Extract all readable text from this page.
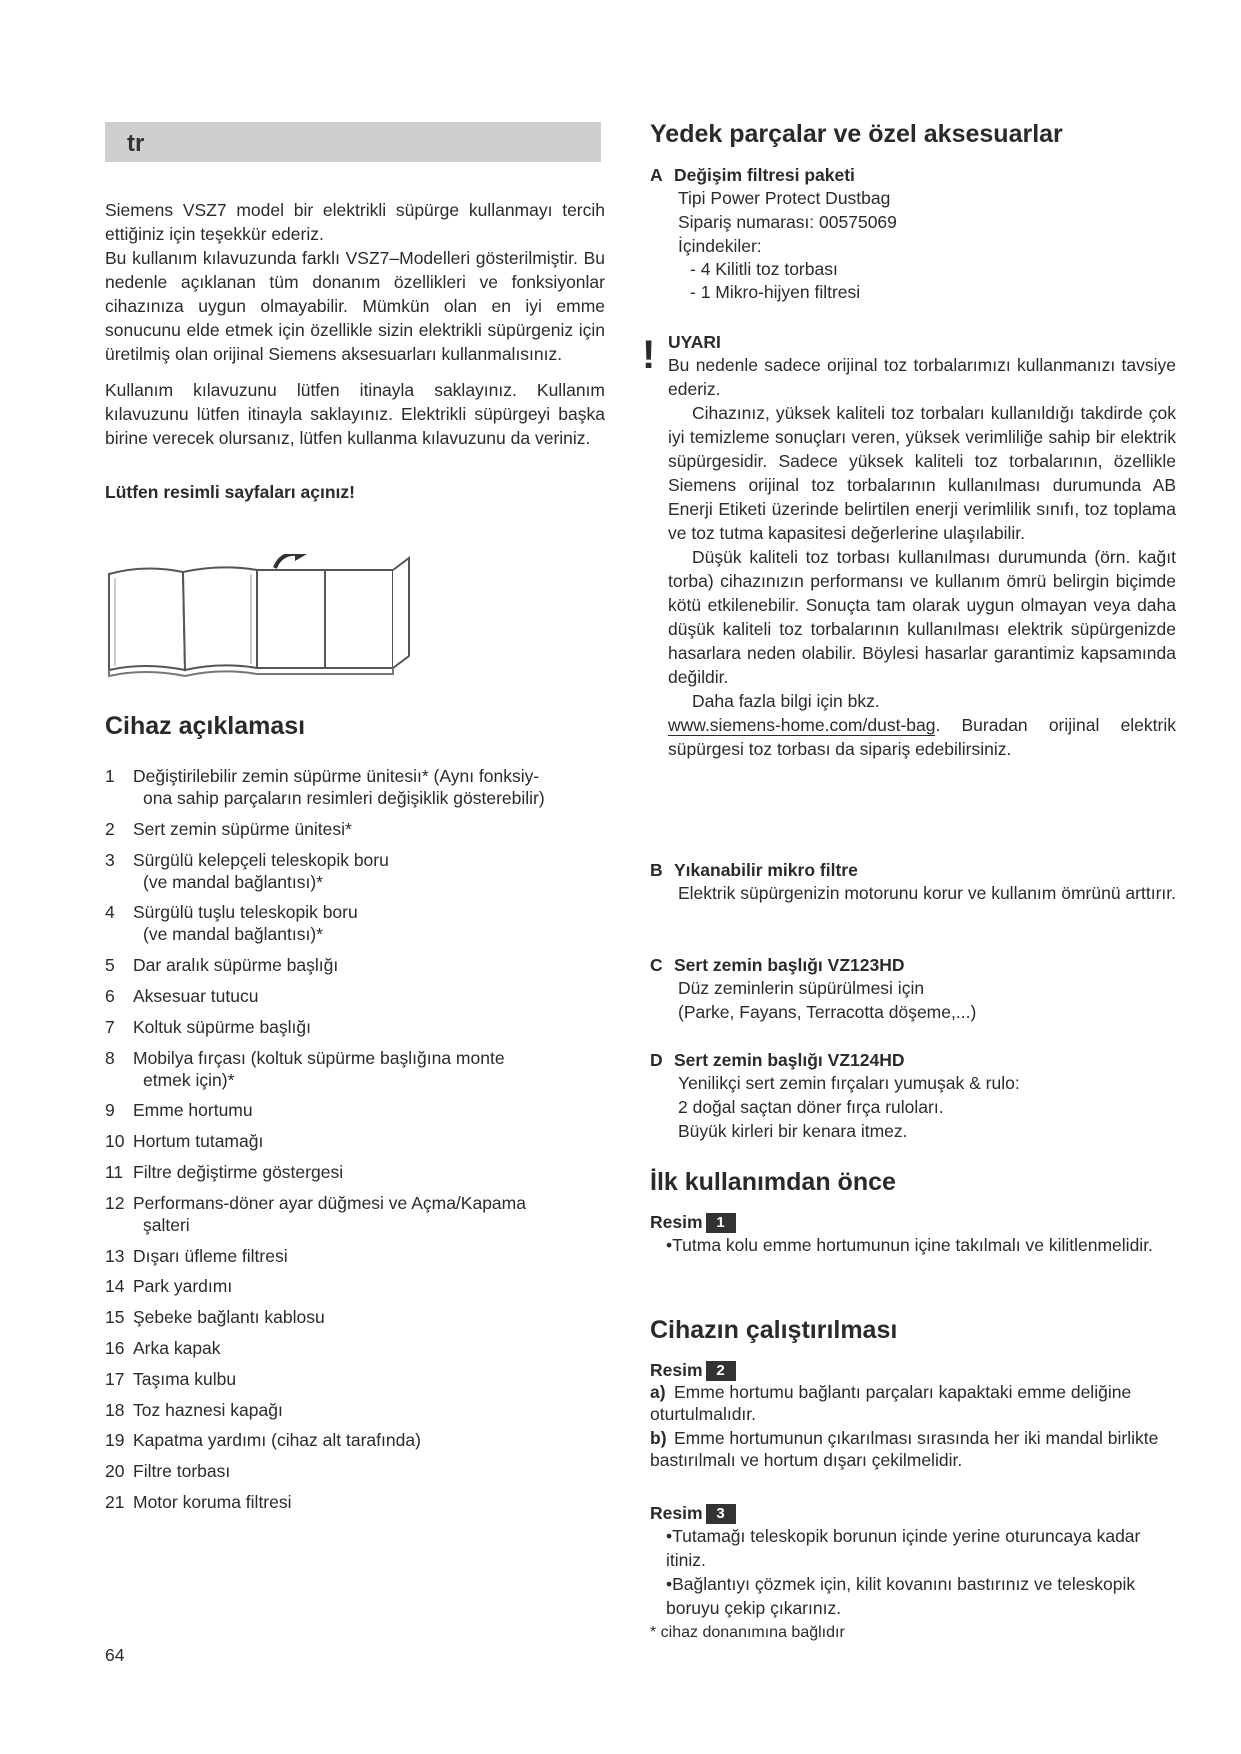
tr

Siemens VSZ7 model bir elektrikli süpürge kullanmayı tercih ettiğiniz için teşekkür ederiz.

Bu kullanım kılavuzunda farklı VSZ7–Modelleri gösterilmiştir. Bu nedenle açıklanan tüm donanım özellikleri ve fonksiyonlar cihazınıza uygun olmayabilir. Mümkün olan en iyi emme sonucunu elde etmek için özellikle sizin elektrikli süpürgeniz için üretilmiş olan orijinal Siemens aksesuarları kullanmalısınız.

Kullanım kılavuzunu lütfen itinayla saklayınız. Kullanım kılavuzunu lütfen itinayla saklayınız. Elektrikli süpürgeyi başka birine verecek olursanız, lütfen kullanma kılavuzunu da veriniz.

Lütfen resimli sayfaları açınız!

Cihaz açıklaması
1	Değiştirilebilir zemin süpürme ünitesiı* (Aynı fonksiy-
ona sahip parçaların resimleri değişiklik gösterebilir)
2	Sert zemin süpürme ünitesi*
3	Sürgülü kelepçeli teleskopik boru
(ve mandal bağlantısı)*
4	Sürgülü tuşlu teleskopik boru
(ve mandal bağlantısı)*
5	Dar aralık süpürme başlığı
6	Aksesuar tutucu
7	Koltuk süpürme başlığı
8	Mobilya fırçası (koltuk süpürme başlığına monte
etmek için)*
9	Emme hortumu
10 Hortum tutamağı
11 Filtre değiştirme göstergesi
12 Performans-döner ayar düğmesi ve Açma/Kapama
şalteri
13 Dışarı üfleme filtresi
14 Park yardımı
15 Şebeke bağlantı kablosu
16 Arka kapak
17 Taşıma kulbu
18 Toz haznesi kapağı
19 Kapatma yardımı (cihaz alt tarafında)
20 Filtre torbası
21 Motor koruma filtresi
64
Yedek parçalar ve özel aksesuarlar
A Değişim filtresi paketi
Tipi Power Protect Dustbag
Sipariş numarası: 00575069
İçindekiler:
- 4 Kilitli toz torbası
- 1 Mikro-hijyen filtresi
! UYARI

Bu nedenle sadece orijinal toz torbalarımızı kullanmanızı tavsiye ederiz.

Cihazınız, yüksek kaliteli toz torbaları kullanıldığı takdirde çok iyi temizleme sonuçları veren, yüksek verimliliğe sahip bir elektrik süpürgesidir. Sadece yüksek kaliteli toz torbalarının, özellikle Siemens orijinal toz torbalarının kullanılması durumunda AB Enerji Etiketi üzerinde belirtilen enerji verimlilik sınıfı, toz toplama ve toz tutma kapasitesi değerlerine ulaşılabilir.

Düşük kaliteli toz torbası kullanılması durumunda (örn. kağıt torba) cihazınızın performansı ve kullanım ömrü belirgin biçimde kötü etkilenebilir. Sonuçta tam olarak uygun olmayan veya daha düşük kaliteli toz torbalarının kullanılması elektrik süpürgenizde hasarlara neden olabilir. Böylesi hasarlar garantimiz kapsamında değildir.

Daha fazla bilgi için bkz.

www.siemens-home.com/dust-bag. Buradan orijinal elektrik süpürgesi toz torbası da sipariş edebilirsiniz.

B Yıkanabilir mikro filtre
Elektrik süpürgenizin motorunu korur ve kullanım ömrünü arttırır.
C Sert zemin başlığı VZ123HD
Düz zeminlerin süpürülmesi için
(Parke, Fayans, Terracotta döşeme,...)
D Sert zemin başlığı VZ124HD
Yenilikçi sert zemin fırçaları yumuşak & rulo:
2 doğal saçtan döner fırça ruloları.
Büyük kirleri bir kenara itmez.
İlk kullanımdan önce
Resim 1
•Tutma kolu emme hortumunun içine takılmalı ve kilitlenmelidir.
Cihazın çalıştırılması
Resim 2
a) Emme hortumu bağlantı parçaları kapaktaki emme deliğine oturtulmalıdır.
b) Emme hortumunun çıkarılması sırasında her iki mandal birlikte bastırılmalı ve hortum dışarı çekilmelidir.
Resim 3
•Tutamağı teleskopik borunun içinde yerine oturuncaya kadar itiniz.
•Bağlantıyı çözmek için, kilit kovanını bastırınız ve teleskopik boruyu çekip çıkarınız.
* cihaz donanımına bağlıdır
